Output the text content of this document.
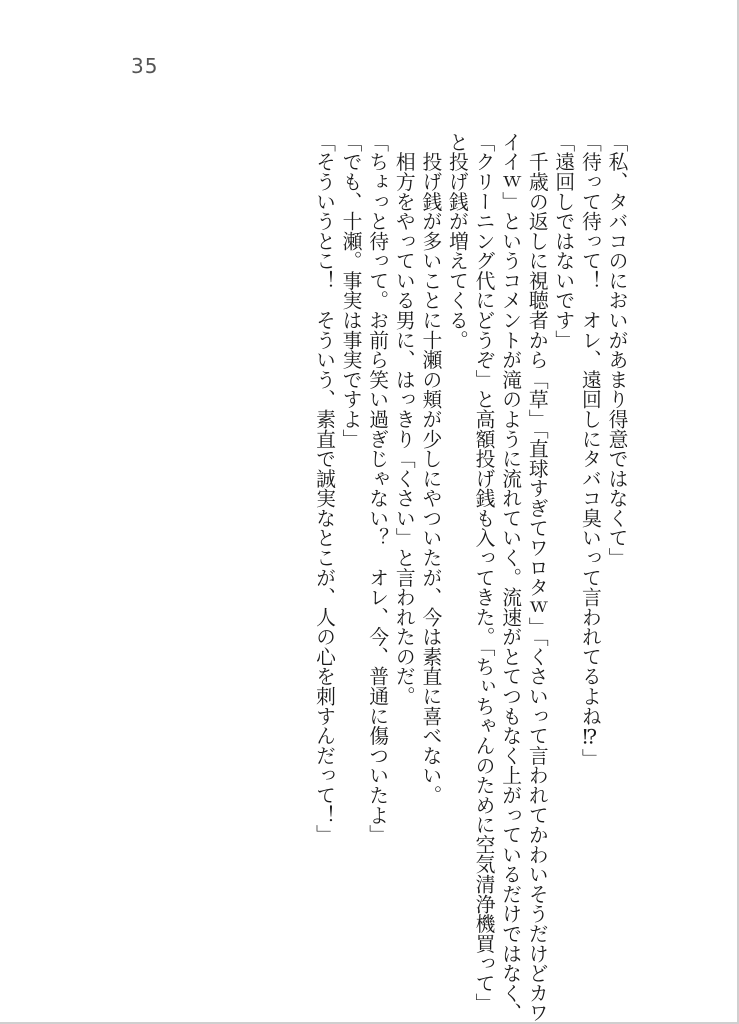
35
「私、タバコのにおいがあまり得意ではなくて」
「待って待って！　オレ、遠回しにタバコ臭いって言われてるよね⁉」
「遠回しではないです」
　千歳の返しに視聴者から「草」「直球すぎてワロタｗ」「くさいって言われてかわいそうだけどカワ
イイｗ」というコメントが滝のように流れていく。流速がとてつもなく上がっているだけではなく、
「クリーニング代にどうぞ」と高額投げ銭も入ってきた。「ちぃちゃんのために空気清浄機買って」
と投げ銭が増えてくる。
　投げ銭が多いことに十瀬の頬が少しにやついたが、今は素直に喜べない。
　相方をやっている男に、はっきり「くさい」と言われたのだ。
「ちょっと待って。お前ら笑い過ぎじゃない？　オレ、今、普通に傷ついたよ」
「でも、十瀬。事実は事実ですよ」
「そういうとこ！　そういう、素直で誠実なとこが、人の心を刺すんだって！」
